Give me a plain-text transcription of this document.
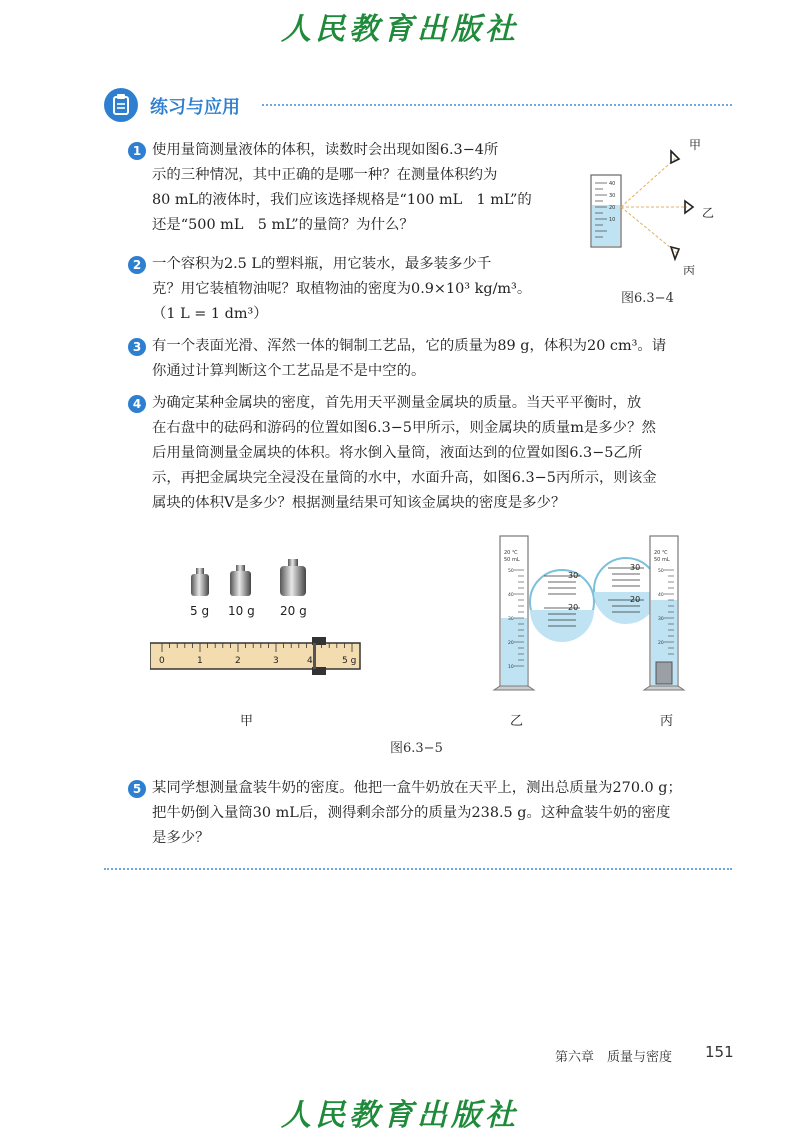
人民教育出版社
练习与应用
1 使用量筒测量液体的体积，读数时会出现如图6.3−4所
示的三种情况，其中正确的是哪一种？在测量体积约为
80 mL的液体时，我们应该选择规格是“100 mL　1 mL”的
还是“500 mL　5 mL”的量筒？为什么？
40
30
20
10
甲
乙
丙
图6.3−4
2 一个容积为2.5 L的塑料瓶，用它装水，最多装多少千
克？用它装植物油呢？取植物油的密度为0.9×10³ kg/m³。
（1 L = 1 dm³）
3 有一个表面光滑、浑然一体的铜制工艺品，它的质量为89 g，体积为20 cm³。请
你通过计算判断这个工艺品是不是中空的。
4 为确定某种金属块的密度，首先用天平测量金属块的质量。当天平平衡时，放
在右盘中的砝码和游码的位置如图6.3−5甲所示，则金属块的质量m是多少？然
后用量筒测量金属块的体积。将水倒入量筒，液面达到的位置如图6.3−5乙所
示，再把金属块完全浸没在量筒的水中，水面升高，如图6.3−5丙所示，则该金
属块的体积V是多少？根据测量结果可知该金属块的密度是多少？
5 g 10 g 20 g
0	1	2	3	4	5 g
甲
20 ℃
50 mL
50
40
30
20
10
30
20
30
20
20 ℃
50 mL
50
40
30
20
乙	丙
图6.3−5
5 某同学想测量盒装牛奶的密度。他把一盒牛奶放在天平上，测出总质量为270.0 g；
把牛奶倒入量筒30 mL后，测得剩余部分的质量为238.5 g。这种盒装牛奶的密度
是多少？
第六章　质量与密度 151
人民教育出版社
